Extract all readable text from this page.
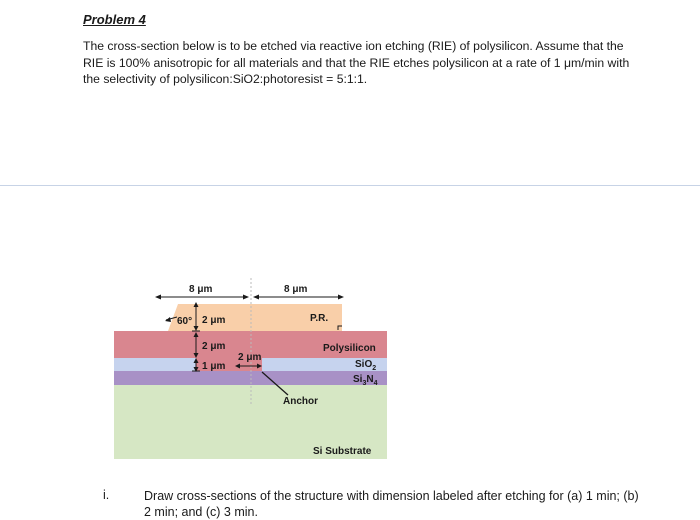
Problem 4
The cross-section below is to be etched via reactive ion etching (RIE) of polysilicon. Assume that the RIE is 100% anisotropic for all materials and that the RIE etches polysilicon at a rate of 1 μm/min with the selectivity of polysilicon:SiO2:photoresist = 5:1:1.
8 μm	8 μm
2 μm
2 μm
1 μm
2 μm
60°	P.R.
Polysilicon
SiO$_2$
$Si_3N_4$
Anchor
Si Substrate
i.	Draw cross-sections of the structure with dimension labeled after etching for (a) 1 min; (b) 2 min; and (c) 3 min.
